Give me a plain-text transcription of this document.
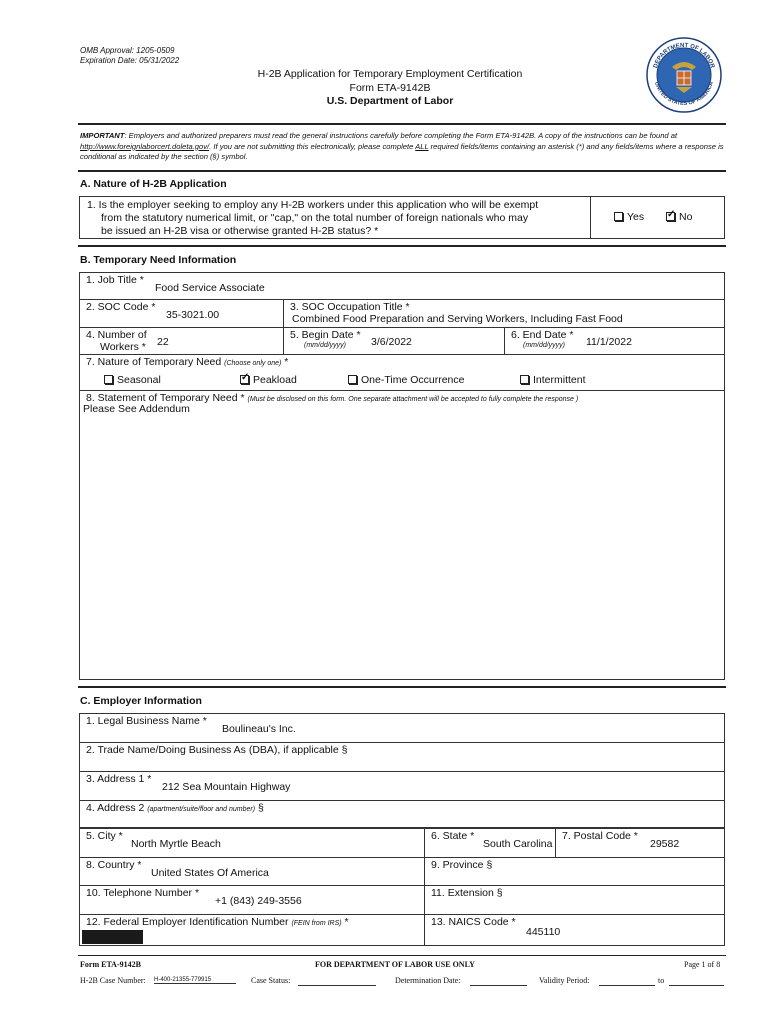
OMB Approval: 1205-0509
Expiration Date: 05/31/2022
H-2B Application for Temporary Employment Certification
Form ETA-9142B
U.S. Department of Labor
DEPARTMENT OF LABOR
UNITED STATES OF AMERICA
IMPORTANT: Employers and authorized preparers must read the general instructions carefully before completing the Form ETA-9142B. A copy of the instructions can be found at http://www.foreignlaborcert.doleta.gov/. If you are not submitting this electronically, please complete ALL required fields/items containing an asterisk (*) and any fields/items where a response is conditional as indicated by the section (§) symbol.
A. Nature of H-2B Application
1. Is the employer seeking to employ any H-2B workers under this application who will be exempt
from the statutory numerical limit, or "cap," on the total number of foreign nationals who may
be issued an H-2B visa or otherwise granted H-2B status? *
Yes ✓	No
B. Temporary Need Information
1. Job Title *
Food Service Associate
2. SOC Code *
35-3021.00
3. SOC Occupation Title *
Combined Food Preparation and Serving Workers, Including Fast Food
4. Number of
Workers * 22
5. Begin Date *
(mm/dd/yyyy) 3/6/2022
6. End Date *
(mm/dd/yyyy) 11/1/2022
7. Nature of Temporary Need (Choose only one) *
Seasonal ✓	Peakload	One-Time Occurrence	Intermittent
8. Statement of Temporary Need * (Must be disclosed on this form. One separate attachment will be accepted to fully complete the response )
Please See Addendum
C. Employer Information
1. Legal Business Name *
Boulineau's Inc.
2. Trade Name/Doing Business As (DBA), if applicable §
3. Address 1 *
212 Sea Mountain Highway
4. Address 2 (apartment/suite/floor and number) §
5. City *
North Myrtle Beach
6. State *
South Carolina
7. Postal Code *
29582
8. Country *
United States Of America
9. Province §
10. Telephone Number *
+1 (843) 249-3556
11. Extension §
12. Federal Employer Identification Number (FEIN from IRS) *	13. NAICS Code *
445110
Form ETA-9142B	FOR DEPARTMENT OF LABOR USE ONLY	Page 1 of 8
H-2B Case Number: H-400-21355-779915	Case Status:	Determination Date:	Validity Period:	to
